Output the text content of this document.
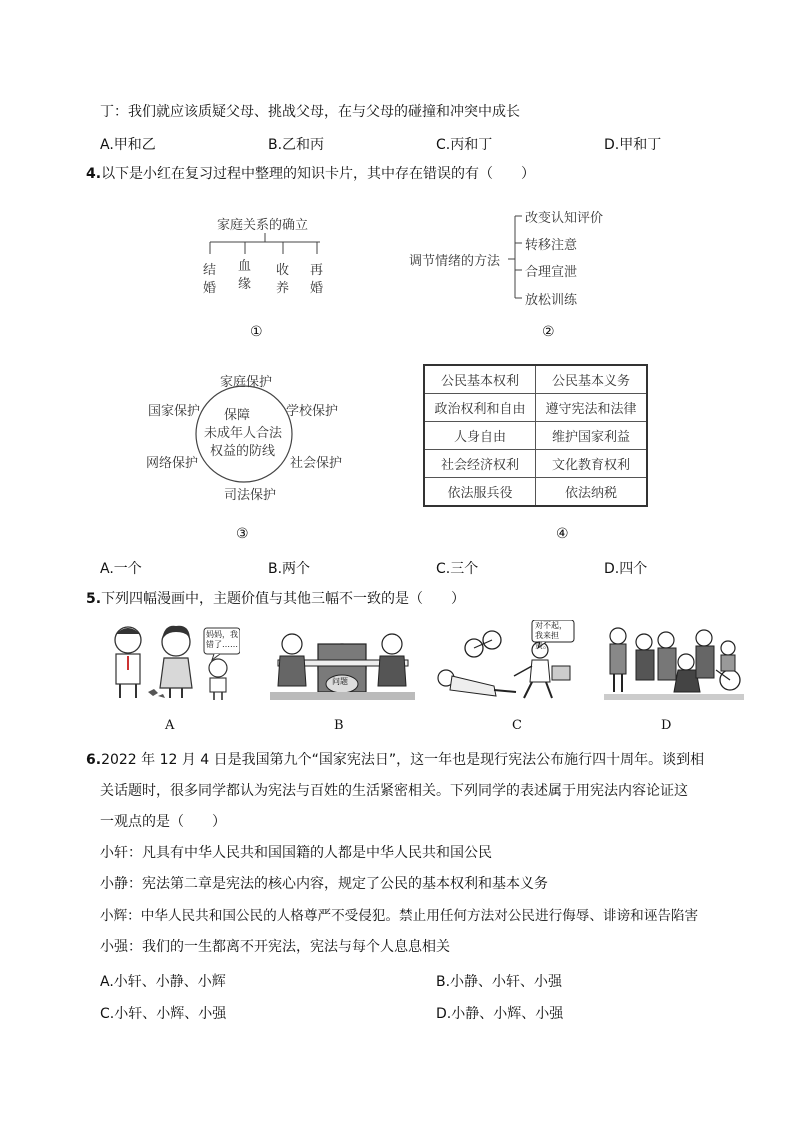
丁：我们就应该质疑父母、挑战父母，在与父母的碰撞和冲突中成长
A.甲和乙	B.乙和丙	C.丙和丁	D.甲和丁
4.以下是小红在复习过程中整理的知识卡片，其中存在错误的有（　　）
家庭关系的确立
结
婚
血
缘
收
养
再
婚
①
调节情绪的方法
改变认知评价
转移注意
合理宣泄
放松训练
②
保障
未成年人合法
权益的防线
家庭保护
学校保护
社会保护
司法保护
网络保护
国家保护
③
公民基本权利	公民基本义务
政治权利和自由	遵守宪法和法律
人身自由	维护国家利益
社会经济权利	文化教育权利
依法服兵役	依法纳税
④
A.一个	B.两个	C.三个	D.四个
5.下列四幅漫画中，主题价值与其他三幅不一致的是（　　）
妈妈，我错了……
A
问题
B
对不起，我来担责。
C	D
6.2022 年 12 月 4 日是我国第九个“国家宪法日”，这一年也是现行宪法公布施行四十周年。谈到相
关话题时，很多同学都认为宪法与百姓的生活紧密相关。下列同学的表述属于用宪法内容论证这
一观点的是（　　）
小轩：凡具有中华人民共和国国籍的人都是中华人民共和国公民
小静：宪法第二章是宪法的核心内容，规定了公民的基本权利和基本义务
小辉：中华人民共和国公民的人格尊严不受侵犯。禁止用任何方法对公民进行侮辱、诽谤和诬告陷害
小强：我们的一生都离不开宪法，宪法与每个人息息相关
A.小轩、小静、小辉	B.小静、小轩、小强
C.小轩、小辉、小强	D.小静、小辉、小强
